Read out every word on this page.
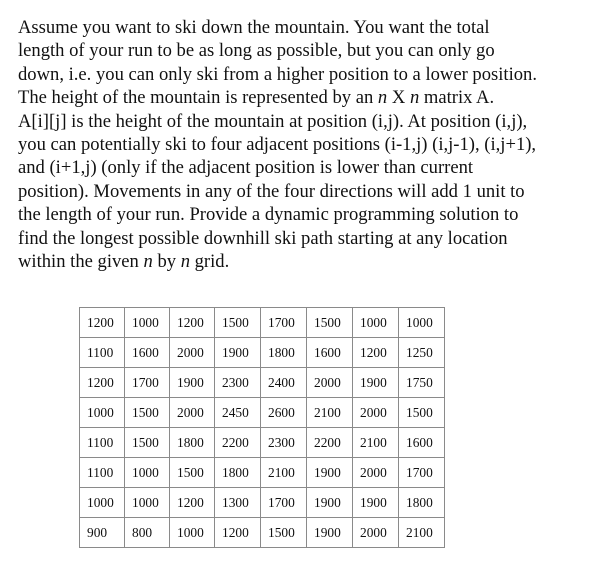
Assume you want to ski down the mountain. You want the total

length of your run to be as long as possible, but you can only go

down, i.e. you can only ski from a higher position to a lower position.

The height of the mountain is represented by an n X n matrix A.

A[i][j] is the height of the mountain at position (i,j). At position (i,j),

you can potentially ski to four adjacent positions (i-1,j) (i,j-1), (i,j+1),

and (i+1,j) (only if the adjacent position is lower than current

position). Movements in any of the four directions will add 1 unit to

the length of your run. Provide a dynamic programming solution to

find the longest possible downhill ski path starting at any location

within the given n by n grid.

1200	1000	1200	1500	1700	1500	1000	1000
1100	1600	2000	1900	1800	1600	1200	1250
1200	1700	1900	2300	2400	2000	1900	1750
1000	1500	2000	2450	2600	2100	2000	1500
1100	1500	1800	2200	2300	2200	2100	1600
1100	1000	1500	1800	2100	1900	2000	1700
1000	1000	1200	1300	1700	1900	1900	1800
900	800	1000	1200	1500	1900	2000	2100
